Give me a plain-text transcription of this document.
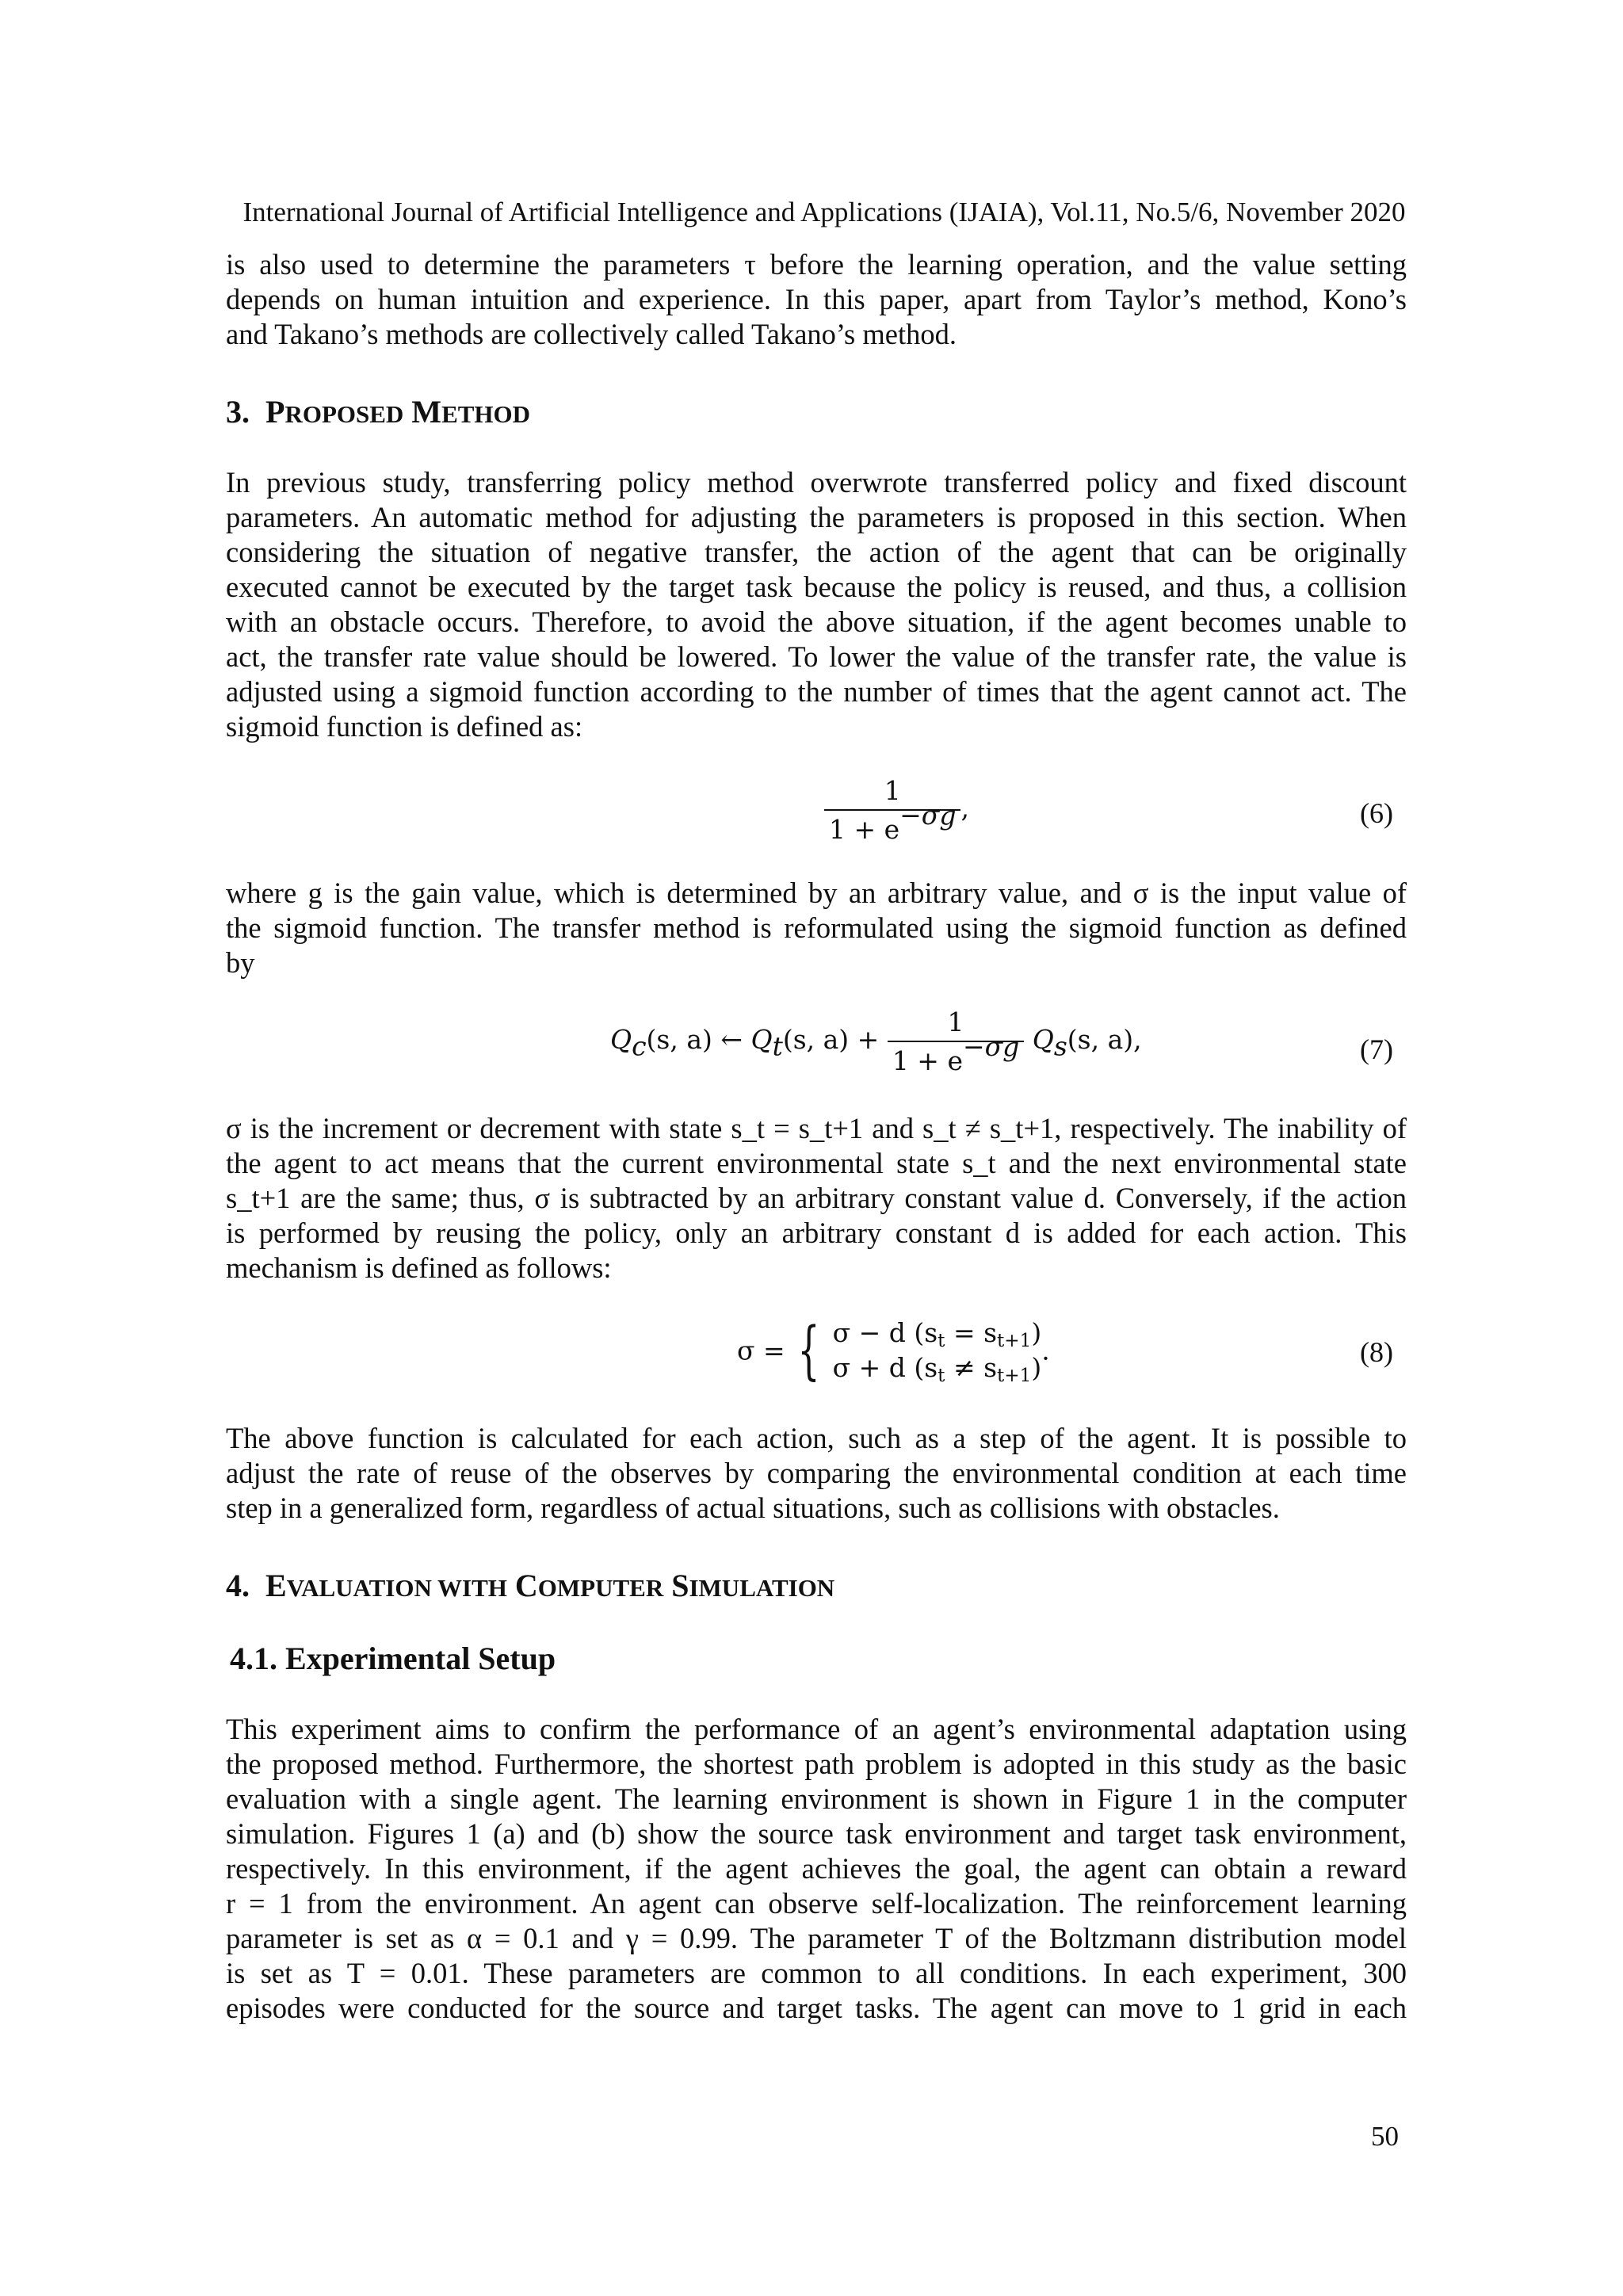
International Journal of Artificial Intelligence and Applications (IJAIA), Vol.11, No.5/6, November 2020
is also used to determine the parameters τ before the learning operation, and the value setting
depends on human intuition and experience. In this paper, apart from Taylor’s method, Kono’s
and Takano’s methods are collectively called Takano’s method.
3. PROPOSED METHOD
In previous study, transferring policy method overwrote transferred policy and fixed discount
parameters. An automatic method for adjusting the parameters is proposed in this section. When
considering the situation of negative transfer, the action of the agent that can be originally
executed cannot be executed by the target task because the policy is reused, and thus, a collision
with an obstacle occurs. Therefore, to avoid the above situation, if the agent becomes unable to
act, the transfer rate value should be lowered. To lower the value of the transfer rate, the value is
adjusted using a sigmoid function according to the number of times that the agent cannot act. The
sigmoid function is defined as:
$\frac{1}{1 + e^{-\sigma g}}$ ,	(6)
where g is the gain value, which is determined by an arbitrary value, and σ is the input value of
the sigmoid function. The transfer method is reformulated using the sigmoid function as defined
by
$Q_c(s$, a) ← $Q_t(s$, $a) + \frac{1}{1 + e^{-\sigma g}} Q_s(s$, a),	(7)
σ is the increment or decrement with state s_t = s_t+1 and s_t ≠ s_t+1, respectively. The inability of
the agent to act means that the current environmental state s_t and the next environmental state
s_t+1 are the same; thus, σ is subtracted by an arbitrary constant value d. Conversely, if the action
is performed by reusing the policy, only an arbitrary constant d is added for each action. This
mechanism is defined as follows:
σ = { σ − d $(s_t = s_{t+1})$
σ + d $(s_t \ne s_{t+1})$
.	(8)
The above function is calculated for each action, such as a step of the agent. It is possible to
adjust the rate of reuse of the observes by comparing the environmental condition at each time
step in a generalized form, regardless of actual situations, such as collisions with obstacles.
4. EVALUATION WITH COMPUTER SIMULATION
4.1. Experimental Setup
This experiment aims to confirm the performance of an agent’s environmental adaptation using
the proposed method. Furthermore, the shortest path problem is adopted in this study as the basic
evaluation with a single agent. The learning environment is shown in Figure 1 in the computer
simulation. Figures 1 (a) and (b) show the source task environment and target task environment,
respectively. In this environment, if the agent achieves the goal, the agent can obtain a reward
r = 1 from the environment. An agent can observe self-localization. The reinforcement learning
parameter is set as α = 0.1 and γ = 0.99. The parameter T of the Boltzmann distribution model
is set as T = 0.01. These parameters are common to all conditions. In each experiment, 300
episodes were conducted for the source and target tasks. The agent can move to 1 grid in each
50
